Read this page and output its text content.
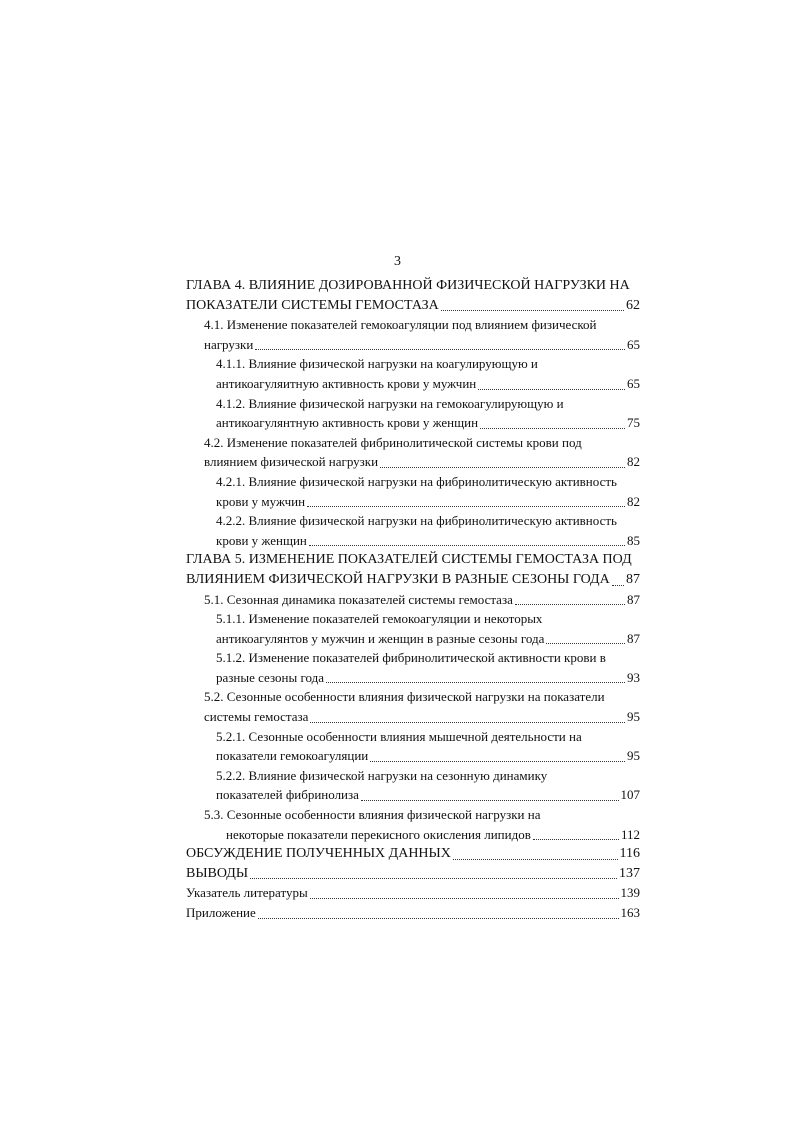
3
ГЛАВА 4. ВЛИЯНИЕ ДОЗИРОВАННОЙ ФИЗИЧЕСКОЙ НАГРУЗКИ НА
ПОКАЗАТЕЛИ СИСТЕМЫ ГЕМОСТАЗА	62
4.1. Изменение показателей гемокоагуляции под влиянием физической
нагрузки	65
4.1.1. Влияние физической нагрузки на коагулирующую и
антикоагуляитную активность крови у мужчин	65
4.1.2. Влияние физической нагрузки на гемокоагулирующую и
антикоагулянтную активность крови у женщин	75
4.2. Изменение показателей фибринолитической системы крови под
влиянием физической нагрузки	82
4.2.1. Влияние физической нагрузки на фибринолитическую активность
крови у мужчин	82
4.2.2. Влияние физической нагрузки на фибринолитическую активность
крови у женщин	85
ГЛАВА 5. ИЗМЕНЕНИЕ ПОКАЗАТЕЛЕЙ СИСТЕМЫ ГЕМОСТАЗА ПОД
ВЛИЯНИЕМ ФИЗИЧЕСКОЙ НАГРУЗКИ В РАЗНЫЕ СЕЗОНЫ ГОДА 87
5.1. Сезонная динамика показателей системы гемостаза	87
5.1.1. Изменение показателей гемокоагуляции и некоторых
антикоагулянтов у мужчин и женщин в разные сезоны года	87
5.1.2. Изменение показателей фибринолитической активности крови в
разные сезоны года	93
5.2. Сезонные особенности влияния физической нагрузки на показатели
системы гемостаза	95
5.2.1. Сезонные особенности влияния мышечной деятельности на
показатели гемокоагуляции	95
5.2.2. Влияние физической нагрузки на сезонную динамику
показателей фибринолиза	107
5.3. Сезонные особенности влияния физической нагрузки на
некоторые показатели перекисного окисления липидов	112
ОБСУЖДЕНИЕ ПОЛУЧЕННЫХ ДАННЫХ	116
ВЫВОДЫ	137
Указатель литературы	139
Приложение	163
